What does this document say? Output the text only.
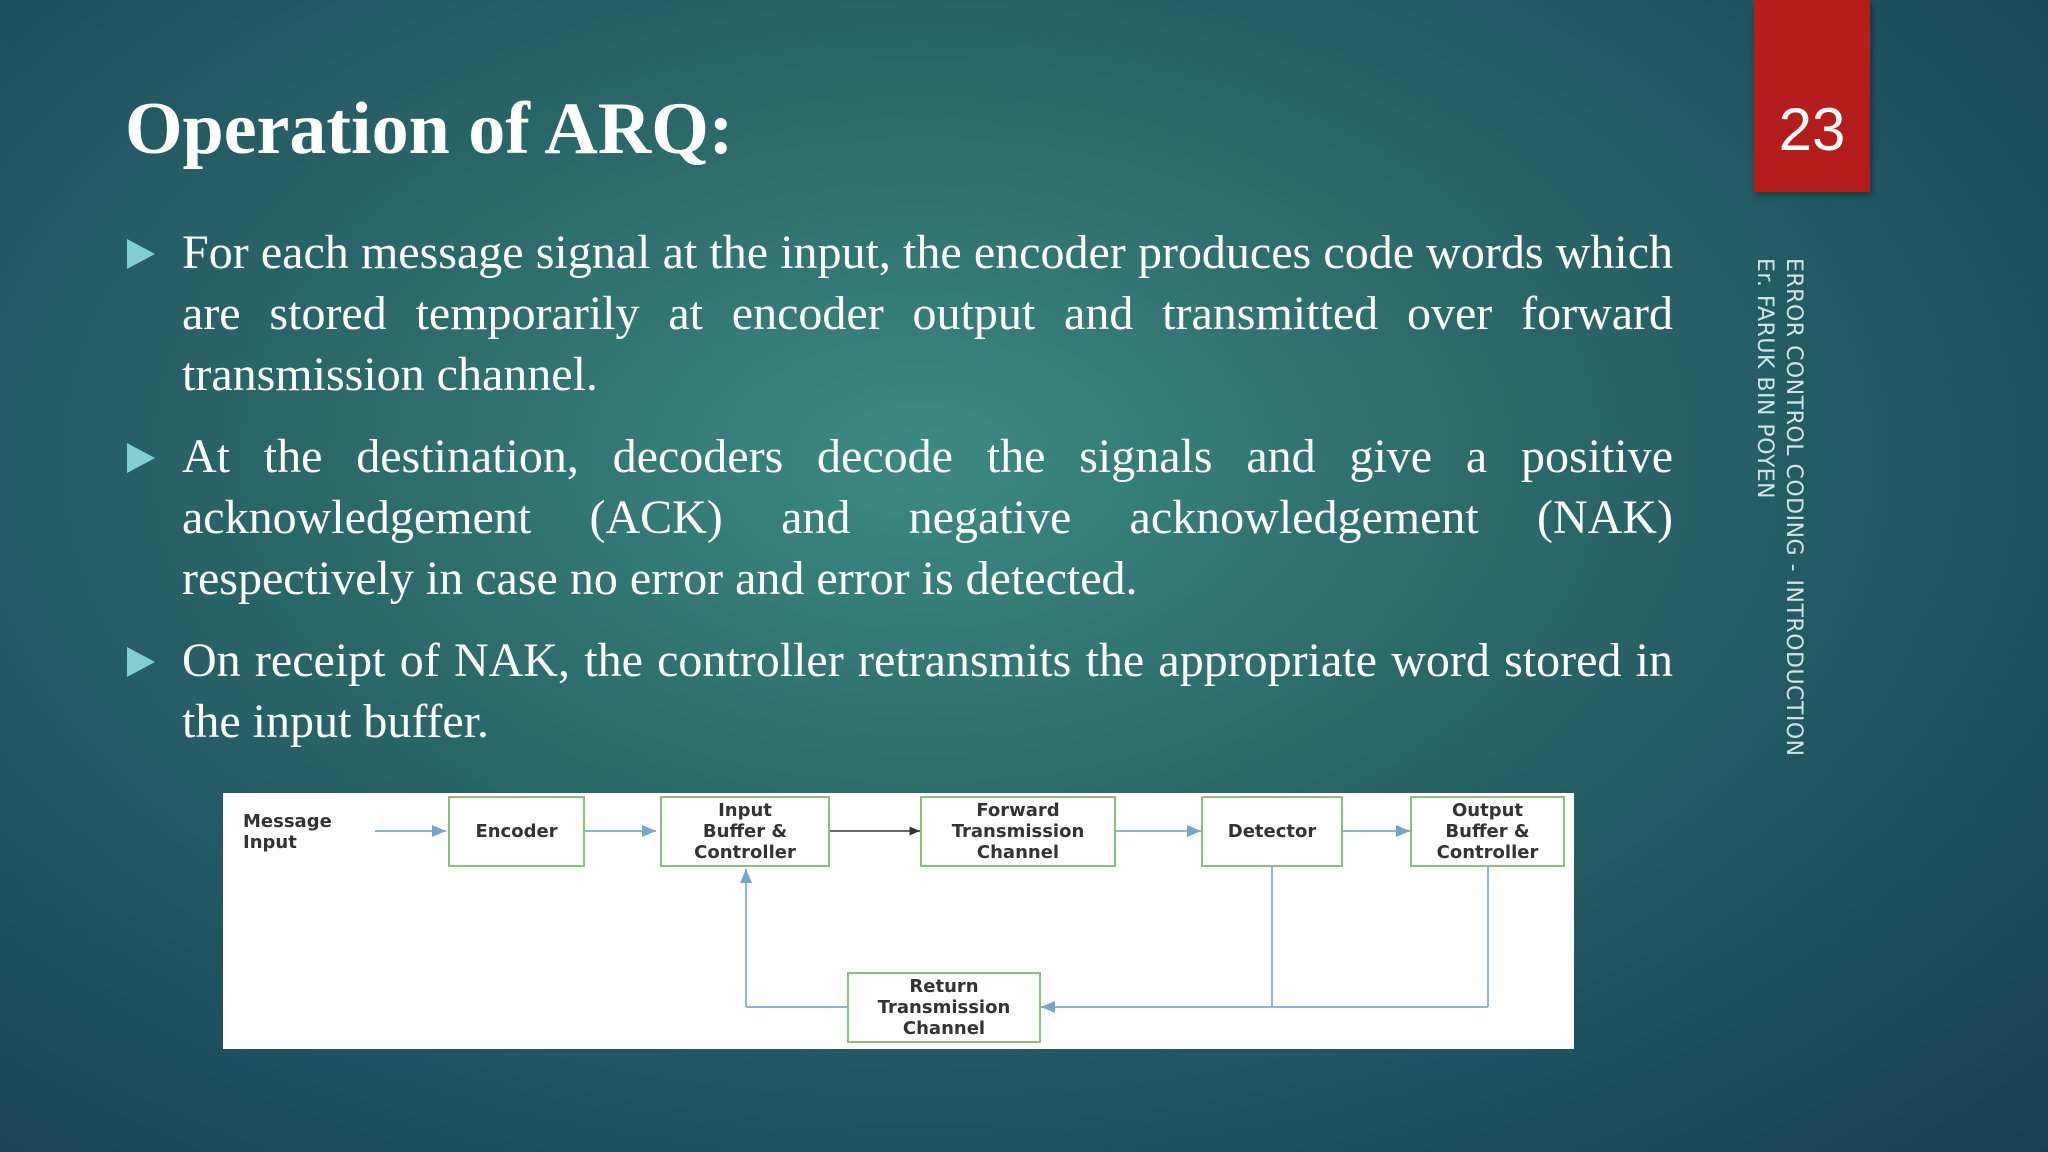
Operation of ARQ:	23
ERROR CONTROL CODING - INTRODUCTION
Er. FARUK BIN POYEN
For each message signal at the input, the encoder produces code words which are stored temporarily at encoder output and transmitted over forward transmission channel.
At the destination, decoders decode the signals and give a positive acknowledgement (ACK) and negative acknowledgement (NAK) respectively in case no error and error is detected.
On receipt of NAK, the controller retransmits the appropriate word stored in the input buffer.
Message
Input
Encoder
Input
Buffer &
Controller
Forward
Transmission
Channel
Detector
Output
Buffer &
Controller
Return
Transmission
Channel
